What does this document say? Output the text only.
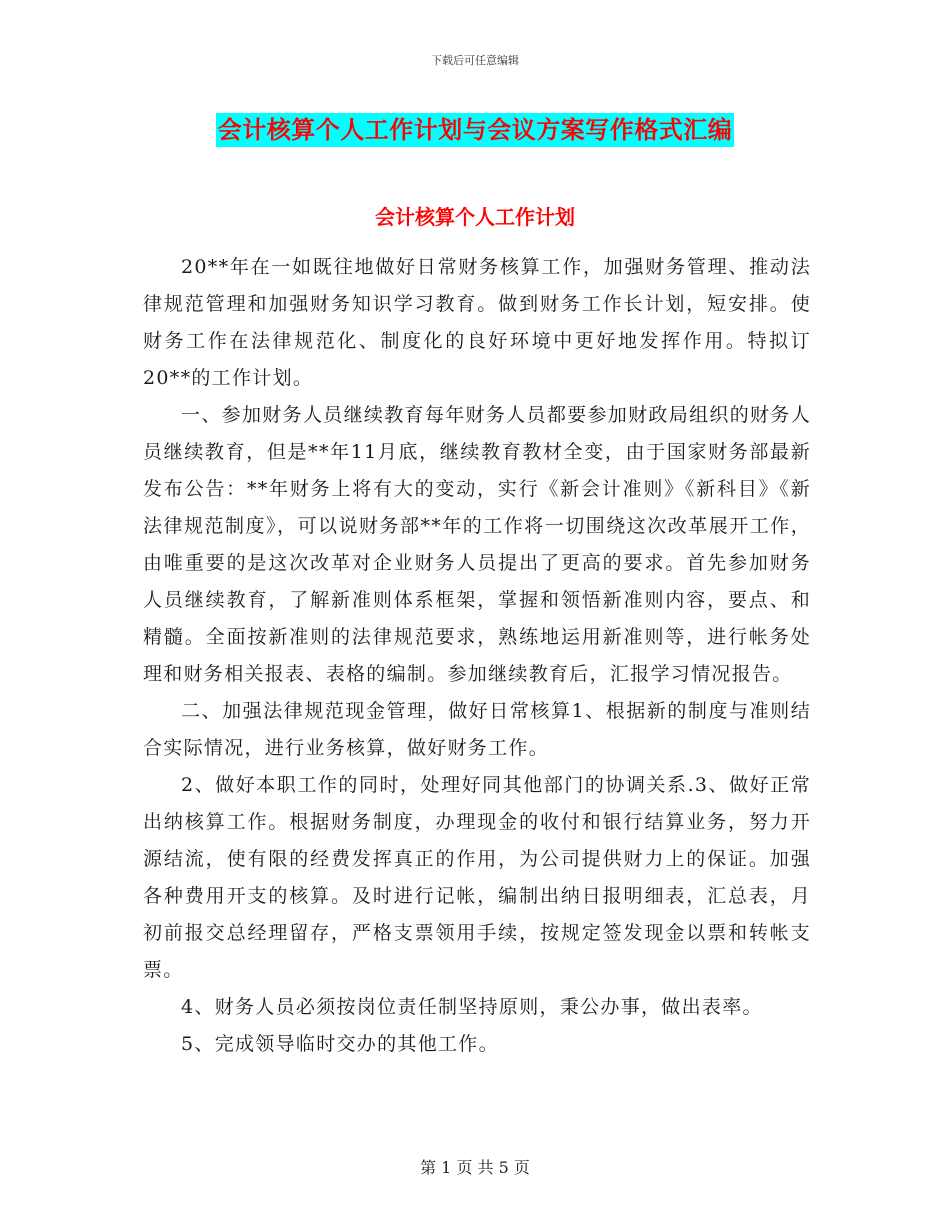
下载后可任意编辑
会计核算个人工作计划与会议方案写作格式汇编
会计核算个人工作计划

20**年在一如既往地做好日常财务核算工作，加强财务管理、推动法律规范管理和加强财务知识学习教育。做到财务工作长计划，短安排。使财务工作在法律规范化、制度化的良好环境中更好地发挥作用。特拟订20**的工作计划。

一、参加财务人员继续教育每年财务人员都要参加财政局组织的财务人员继续教育，但是**年11月底，继续教育教材全变，由于国家财务部最新发布公告：**年财务上将有大的变动，实行《新会计准则》《新科目》《新法律规范制度》，可以说财务部**年的工作将一切围绕这次改革展开工作，由唯重要的是这次改革对企业财务人员提出了更高的要求。首先参加财务人员继续教育，了解新准则体系框架，掌握和领悟新准则内容，要点、和精髓。全面按新准则的法律规范要求，熟练地运用新准则等，进行帐务处理和财务相关报表、表格的编制。参加继续教育后，汇报学习情况报告。

二、加强法律规范现金管理，做好日常核算1、根据新的制度与准则结合实际情况，进行业务核算，做好财务工作。

2、做好本职工作的同时，处理好同其他部门的协调关系.3、做好正常出纳核算工作。根据财务制度，办理现金的收付和银行结算业务，努力开源结流，使有限的经费发挥真正的作用，为公司提供财力上的保证。加强各种费用开支的核算。及时进行记帐，编制出纳日报明细表，汇总表，月初前报交总经理留存，严格支票领用手续，按规定签发现金以票和转帐支票。

4、财务人员必须按岗位责任制坚持原则，秉公办事，做出表率。

5、完成领导临时交办的其他工作。

第 1 页 共 5 页
